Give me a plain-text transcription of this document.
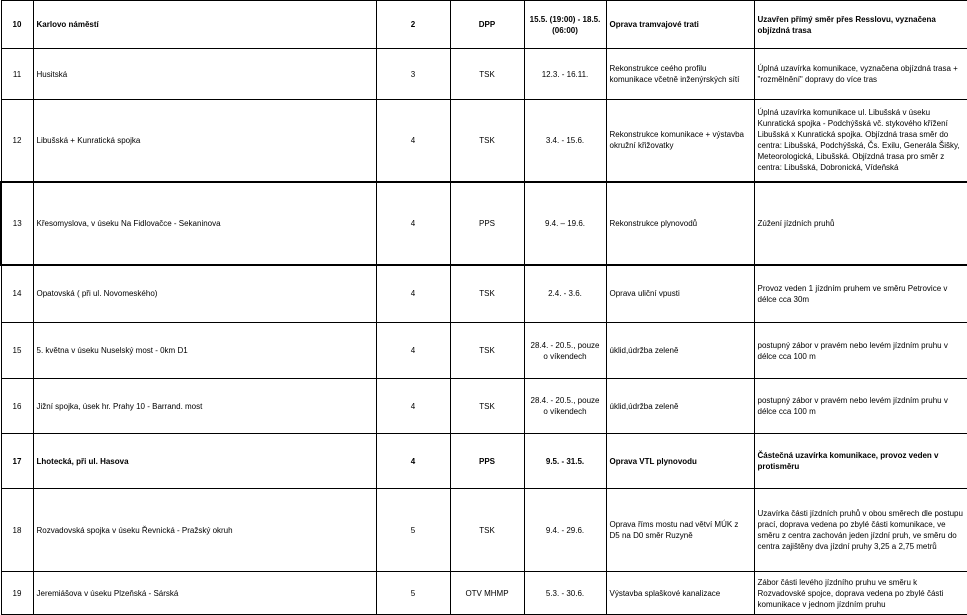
10	Karlovo náměstí	2	DPP	15.5. (19:00) - 18.5. (06:00)	Oprava tramvajové trati	Uzavřen přímý směr přes Resslovu, vyznačena objízdná trasa
11	Husitská	3	TSK	12.3. - 16.11.	Rekonstrukce ceého profilu komunikace včetně inženýrských sítí	Úplná uzavírka komunikace, vyznačena objízdná trasa + "rozmělnění" dopravy do více tras
12	Libušská + Kunratická spojka	4	TSK	3.4. - 15.6.	Rekonstrukce komunikace + výstavba okružní křižovatky	Úplná uzavírka komunikace ul. Libušská v úseku Kunratická spojka - Podchýšská vč. stykového křížení Libušská x Kunratická spojka. Objízdná trasa směr do centra: Libušská, Podchýšská, Čs. Exilu, Generála Šišky, Meteorologická, Libušská. Objízdná trasa pro směr z centra: Libušská, Dobronická, Vídeňská
13	Křesomyslova, v úseku Na Fidlovačce - Sekaninova	4	PPS	9.4. – 19.6.	Rekonstrukce plynovodů	Zúžení jízdních pruhů
14	Opatovská ( při ul. Novomeského)	4	TSK	2.4. - 3.6.	Oprava uliční vpusti	Provoz veden 1 jízdním pruhem ve směru Petrovice v délce cca 30m
15	5. května v úseku Nuselský most - 0km D1	4	TSK	28.4. - 20.5., pouze o víkendech	úklid,údržba zeleně	postupný zábor v pravém nebo levém jízdním pruhu v délce cca 100 m
16	Jižní spojka, úsek hr. Prahy 10 - Barrand. most	4	TSK	28.4. - 20.5., pouze o víkendech	úklid,údržba zeleně	postupný zábor v pravém nebo levém jízdním pruhu v délce cca 100 m
17	Lhotecká, při ul. Hasova	4	PPS	9.5. - 31.5.	Oprava VTL plynovodu	Částečná uzavírka komunikace, provoz veden v protisměru
18	Rozvadovská spojka v úseku Řevnická - Pražský okruh	5	TSK	9.4. - 29.6.	Oprava říms mostu nad větví MÚK z D5 na D0 směr Ruzyně	Uzavírka části jízdních pruhů v obou směrech dle postupu prací, doprava vedena po zbylé části komunikace, ve směru z centra zachován jeden jízdní pruh, ve směru do centra zajištěny dva jízdní pruhy 3,25 a 2,75 metrů
19	Jeremiášova v úseku Plzeňská - Sárská	5	OTV MHMP	5.3. - 30.6.	Výstavba splaškové kanalizace	Zábor části levého jízdního pruhu ve směru k Rozvadovské spojce, doprava vedena po zbylé části komunikace v jednom jízdním pruhu
